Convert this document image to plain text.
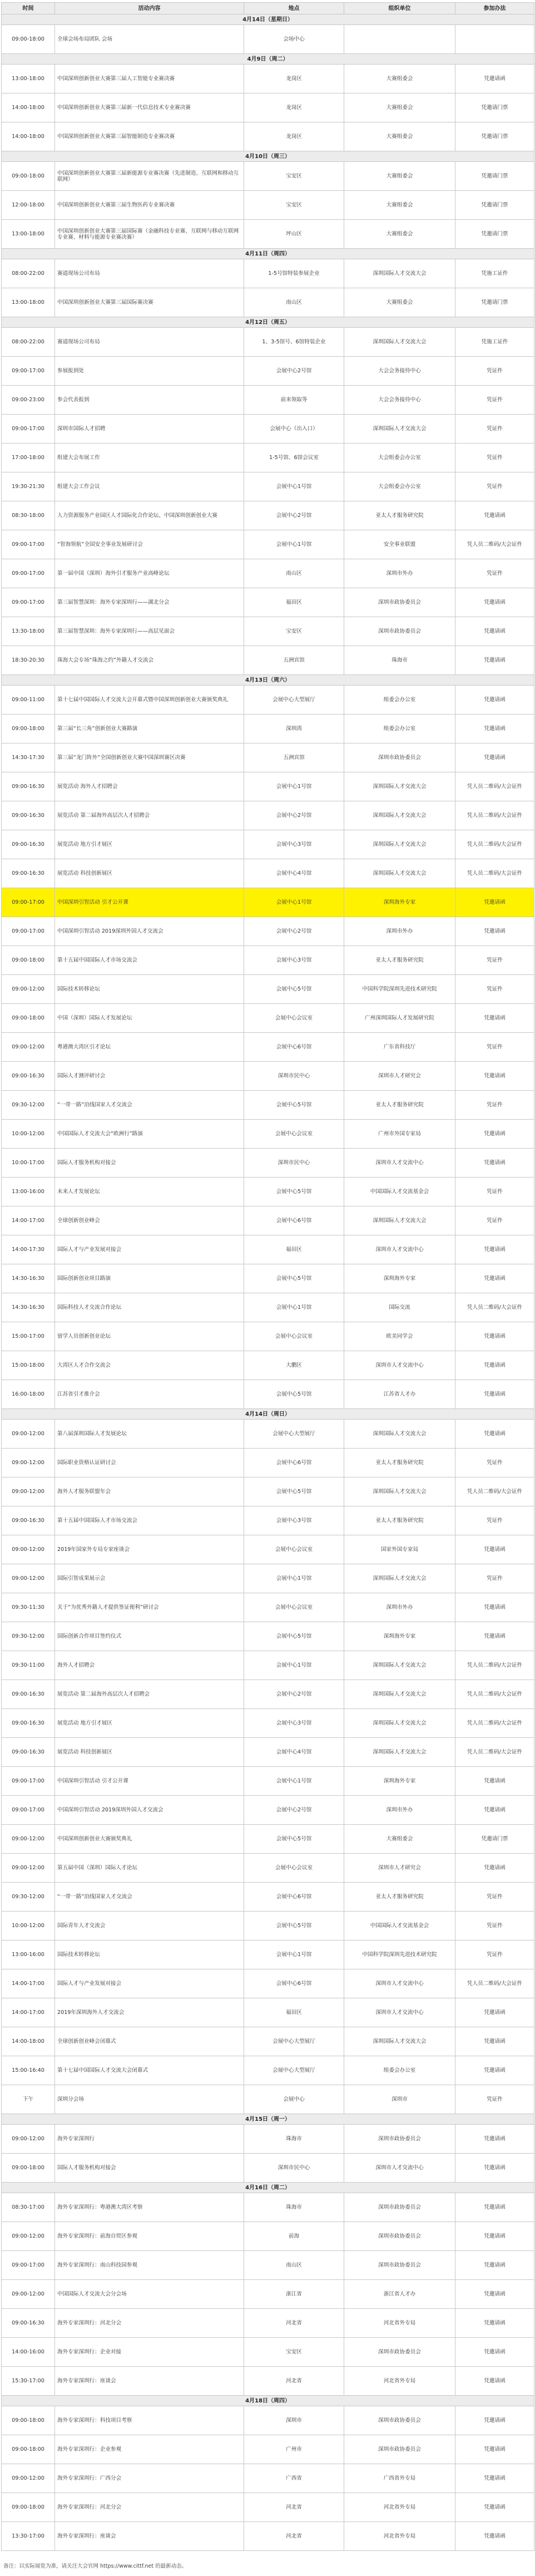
时间	活动内容	地点	组织单位	参加办法
4月14日（星期日）				
09:00-18:00	全球会场布局团队 会场	会场中心		
4月9日（周二）				
13:00-18:00	中国深圳创新创业大赛第三届人工智能专业赛决赛	龙岗区	大赛组委会	凭邀请函
14:00-18:00	中国深圳创新创业大赛第三届新一代信息技术专业赛决赛	龙岗区	大赛组委会	凭邀请门票
14:00-18:00	中国深圳创新创业大赛第三届智能制造专业赛决赛	龙岗区	大赛组委会	凭邀请门票
4月10日（周三）				
09:00-18:00	中国深圳创新创业大赛第三届新能源专业赛决赛（先进制造、互联网和移动互联网）	宝安区	大赛组委会	凭邀请门票
12:00-18:00	中国深圳创新创业大赛第三届生物医药专业赛决赛	宝安区	大赛组委会	凭邀请门票
13:00-18:00	中国深圳创新创业大赛第三届国际赛（金融科技专业赛、互联网与移动互联网专业赛、材料与能源专业赛决赛）	坪山区	大赛组委会	凭邀请门票
4月11日（周四）				
08:00-22:00	赛道现场公司布局	1-5号馆特装参展企业	深圳国际人才交流大会	凭施工证件
13:00-18:00	中国深圳创新创业大赛第三届国际赛决赛	南山区	大赛组委会	凭邀请门票
4月12日（周五）				
08:00-22:00	赛道现场公司布局	1、3-5馆号、6馆特装企业	深圳国际人才交流大会	凭施工证件
09:00-17:00	参展报到处	会展中心2号馆	大会会务接待中心	凭证件
09:00-23:00	参会代表报到	前来领取等	大会会务接待中心	凭证件
09:00-17:00	深圳市国际人才招聘	会展中心（出入口）	深圳国际人才交流大会	凭证件
17:00-18:00	组建大会布展工作	1-5号馆、6馆会议室	大会组委会办公室	凭证件
19:30-21:30	组建大会工作会议	会展中心1号馆	大会组委会办公室	凭证件
08:30-18:00	人力资源服务产业园区人才国际化合作论坛、中国深圳创新创业大赛	会展中心2号馆	亚太人才服务研究院	凭邀请函
09:00-17:00	“智海领航”全国安全事业发展研讨会	会展中心1号馆	安全事业联盟	凭人员二维码/大会证件
09:00-17:00	第一届中国（深圳）海外引才服务产业高峰论坛	南山区	深圳市外办	凭证件
09:00-17:00	第三届智慧深圳：海外专家深圳行——湖北分会	福田区	深圳市政协委员会	凭邀请函
13:30-18:00	第三届智慧深圳：海外专家深圳行——高层见面会	宝安区	深圳市政协委员会	凭邀请函
18:30-20:30	珠海大会专场“珠海之约”外籍人才交流会	五洲宾馆	珠海市	凭邀请函
4月13日（周六）				
09:00-11:00	第十七届中国国际人才交流大会开幕式暨中国深圳创新创业大赛颁奖典礼	会展中心大型展厅	组委会办公室	凭邀请函
09:00-18:00	第三届“长三角”创新创业大赛路演	深圳湾	组委会办公室	凭邀请函
14:30-17:30	第三届“龙门阵外”全国创新创业大赛中国深圳赛区决赛	五洲宾馆	深圳市政协委员会	凭邀请函
09:00-16:30	展览活动 海外人才招聘会	会展中心1号馆	深圳国际人才交流大会	凭人员二维码/大会证件
09:00-16:30	展览活动 第二届海外高层次人才招聘会	会展中心2号馆	深圳国际人才交流大会	凭人员二维码/大会证件
09:00-16:30	展览活动 地方引才展区	会展中心3号馆	深圳国际人才交流大会	凭人员二维码/大会证件
09:00-16:30	展览活动 科技创新展区	会展中心4号馆	深圳国际人才交流大会	凭人员二维码/大会证件
09:00-17:00	中国深圳引智活动 引才公开课	会展中心1号馆	深圳海外专家	凭邀请函
09:00-17:00	中国深圳引智活动 2019深圳外国人才交流会	会展中心2号馆	深圳市外办	凭邀请函
09:00-18:00	第十五届中国国际人才市场交流会	会展中心3号馆	亚太人才服务研究院	凭证件
09:00-12:00	国际技术转移论坛	会展中心5号馆	中国科学院深圳先进技术研究院	凭证件
09:00-18:00	中国（深圳）国际人才发展论坛	会展中心会议室	广州深圳国际人才发展研究院	凭邀请函
09:00-12:00	粤港澳大湾区引才论坛	会展中心6号馆	广东省科技厅	凭证件
09:00-16:30	国际人才测评研讨会	深圳市民中心	深圳市人才研究会	凭邀请函
09:30-12:00	“一带一路”沿线国家人才交流会	会展中心5号馆	亚太人才服务研究院	凭证件
10:00-12:00	中国国际人才交流大会“欧洲行”路演	会展中心会议室	广州市外国专家局	凭邀请函
10:00-17:00	国际人才服务机构对接会	深圳市民中心	深圳市人才交流中心	凭邀请函
13:00-16:00	未来人才发展论坛	会展中心5号馆	中国国际人才交流基金会	凭证件
14:00-17:00	全球创新创业峰会	会展中心6号馆	深圳国际人才交流大会	凭证件
14:00-17:30	国际人才与产业发展对接会	福田区	深圳市人才交流中心	凭邀请函
14:30-16:30	国际创新创业项目路演	会展中心5号馆	深圳海外专家	凭邀请函
14:30-16:30	国际科技人才交流合作论坛	会展中心1号馆	国际交流	凭人员二维码/大会证件
15:00-17:00	留学人员创新创业论坛	会展中心会议室	欧美同学会	凭邀请函
15:00-18:00	大湾区人才合作交流会	大鹏区	深圳市人才交流中心	凭邀请函
16:00-18:00	江苏省引才推介会	会展中心5号馆	江苏省人才办	凭邀请函
4月14日（周日）				
09:00-12:00	第八届深圳国际人才发展论坛	会展中心大型展厅	深圳国际人才交流大会	凭邀请函
09:00-12:00	国际职业资格认证研讨会	会展中心6号馆	亚太人才服务研究院	凭证件
09:00-12:00	海外人才服务联盟年会	会展中心5号馆	深圳国际人才交流大会	凭人员二维码/大会证件
09:00-16:30	第十五届中国国际人才市场交流会	会展中心3号馆	亚太人才服务研究院	凭证件
09:00-12:00	2019年国家外专局专家座谈会	会展中心会议室	国家外国专家局	凭邀请函
09:00-12:00	国际引智成果展示会	会展中心1号馆	深圳国际人才交流大会	凭证件
09:30-11:30	关于“为优秀外籍人才提供签证便利”研讨会	会展中心会议室	深圳市外办	凭邀请函
09:30-12:00	国际创新合作项目签约仪式	会展中心5号馆	深圳海外专家	凭邀请函
09:30-11:00	海外人才招聘会	会展中心1号馆	深圳国际人才交流大会	凭人员二维码/大会证件
09:00-16:30	展览活动 第二届海外高层次人才招聘会	会展中心2号馆	深圳国际人才交流大会	凭人员二维码/大会证件
09:00-16:30	展览活动 地方引才展区	会展中心3号馆	深圳国际人才交流大会	凭人员二维码/大会证件
09:00-16:30	展览活动 科技创新展区	会展中心4号馆	深圳国际人才交流大会	凭人员二维码/大会证件
09:00-17:00	中国深圳引智活动 引才公开课	会展中心1号馆	深圳海外专家	凭邀请函
09:00-17:00	中国深圳引智活动 2019深圳外国人才交流会	会展中心2号馆	深圳市外办	凭邀请函
09:00-12:00	中国深圳创新创业大赛颁奖典礼	会展中心5号馆	大赛组委会	凭邀请门票
09:00-12:00	第五届中国（深圳）国际人才论坛	会展中心会议室	深圳市人才研究会	凭邀请函
09:30-12:00	“一带一路”沿线国家人才交流会	会展中心6号馆	亚太人才服务研究院	凭证件
10:00-12:00	国际青年人才交流会	会展中心5号馆	中国国际人才交流基金会	凭证件
13:00-16:00	国际技术转移论坛	会展中心1号馆	中国科学院深圳先进技术研究院	凭证件
14:00-17:00	国际人才与产业发展对接会	会展中心6号馆	深圳市人才交流中心	凭人员二维码/大会证件
14:00-17:00	2019年深圳海外人才交流会	福田区	深圳市人才交流中心	凭邀请函
14:00-18:00	全球创新创业峰会闭幕式	会展中心大型展厅	深圳国际人才交流大会	凭邀请函
15:00-16:40	第十七届中国国际人才交流大会闭幕式	会展中心大型展厅	组委会办公室	凭邀请函
下午	深圳分会场	会展中心	深圳市	凭证件
4月15日（周一）				
09:00-12:00	海外专家深圳行	珠海市	深圳市政协委员会	凭邀请函
09:00-18:00	国际人才服务机构对接会	深圳市民中心	深圳市人才交流中心	凭邀请函
4月16日（周二）				
08:30-17:00	海外专家深圳行：粤港澳大湾区考察	珠海市	深圳市政协委员会	凭邀请函
09:00-12:00	海外专家深圳行：前海自贸区参观	前海	深圳市政协委员会	凭邀请函
09:00-17:00	海外专家深圳行：南山科技园参观	南山区	深圳市政协委员会	凭邀请函
09:00-12:00	中国国际人才交流大会分会场	浙江省	浙江省人才办	凭邀请函
09:00-16:30	海外专家深圳行：河北分会	河北省	河北省外专局	凭邀请函
14:00-16:00	海外专家深圳行：企业对接	宝安区	深圳市政协委员会	凭邀请函
15:30-17:00	海外专家深圳行：座谈会	河北省	河北省外专局	凭邀请函
4月18日（周四）				
09:00-18:00	海外专家深圳行：科技项目考察	深圳市	深圳市政协委员会	凭邀请函
09:00-18:00	海外专家深圳行：企业参观	广州市	深圳市政协委员会	凭邀请函
09:00-12:00	海外专家深圳行：广西分会	广西省	广西省外专局	凭邀请函
09:00-18:00	海外专家深圳行：河北分会	河北省	河北省外专局	凭邀请函
13:30-17:00	海外专家深圳行：座谈会	河北省	河北省外专局	凭邀请函
备注：以实际展览为准，请关注大会官网 https://www.cittf.net 的最新动态。
